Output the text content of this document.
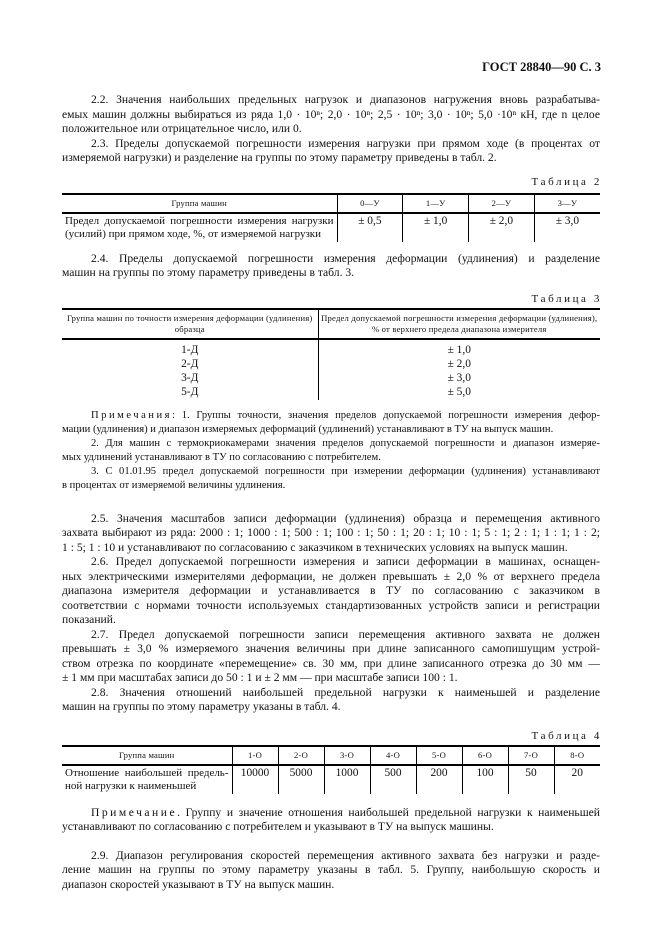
ГОСТ 28840—90 С. 3
2.2. Значения наибольших предельных нагрузок и диапазонов нагружения вновь разрабатыва-
емых машин должны выбираться из ряда 1,0 · 10ⁿ; 2,0 · 10ⁿ; 2,5 · 10ⁿ; 3,0 · 10ⁿ; 5,0 ·10ⁿ кН, где n целое
положительное или отрицательное число, или 0.
2.3. Пределы допускаемой погрешности измерения нагрузки при прямом ходе (в процентах от
измеряемой нагрузки) и разделение на группы по этому параметру приведены в табл. 2.
Таблица 2
Группа машин	0—У	1—У	2—У	3—У
Предел допускаемой погрешности измерения нагрузки (усилий) при прямом ходе, %, от измеряемой нагрузки	± 0,5	± 1,0	± 2,0	± 3,0
2.4. Пределы допускаемой погрешности измерения деформации (удлинения) и разделение
машин на группы по этому параметру приведены в табл. 3.
Таблица 3
Группа машин по точности измерения деформации (удлинения) образца	Предел допускаемой погрешности измерения деформации (удлинения), % от верхнего предела диапазона измерителя
1-Д	± 1,0
2-Д	± 2,0
3-Д	± 3,0
5-Д	± 5,0
Примечания: 1. Группы точности, значения пределов допускаемой погрешности измерения дефор-
мации (удлинения) и диапазон измеряемых деформаций (удлинений) устанавливают в ТУ на выпуск машин.
2. Для машин с термокриокамерами значения пределов допускаемой погрешности и диапазон измеряе-
мых удлинений устанавливают в ТУ по согласованию с потребителем.
3. С 01.01.95 предел допускаемой погрешности при измерении деформации (удлинения) устанавливают
в процентах от измеряемой величины удлинения.
2.5. Значения масштабов записи деформации (удлинения) образца и перемещения активного
захвата выбирают из ряда: 2000 : 1; 1000 : 1; 500 : 1; 100 : 1; 50 : 1; 20 : 1; 10 : 1; 5 : 1; 2 : 1; 1 : 1; 1 : 2;
1 : 5; 1 : 10 и устанавливают по согласованию с заказчиком в технических условиях на выпуск машин.
2.6. Предел допускаемой погрешности измерения и записи деформации в машинах, оснащен-
ных электрическими измерителями деформации, не должен превышать ± 2,0 % от верхнего предела
диапазона измерителя деформации и устанавливается в ТУ по согласованию с заказчиком в
соответствии с нормами точности используемых стандартизованных устройств записи и регистрации
показаний.
2.7. Предел допускаемой погрешности записи перемещения активного захвата не должен
превышать ± 3,0 % измеряемого значения величины при длине записанного самопишущим устрой-
ством отрезка по координате «перемещение» св. 30 мм, при длине записанного отрезка до 30 мм —
± 1 мм при масштабах записи до 50 : 1 и ± 2 мм — при масштабе записи 100 : 1.
2.8. Значения отношений наибольшей предельной нагрузки к наименьшей и разделение
машин на группы по этому параметру указаны в табл. 4.
Таблица 4
Группа машин	1-О	2-О	3-О	4-О	5-О	6-О	7-О	8-О
Отношение наибольшей предель-ной нагрузки к наименьшей	10000	5000	1000	500	200	100	50	20
Примечание. Группу и значение отношения наибольшей предельной нагрузки к наименьшей
устанавливают по согласованию с потребителем и указывают в ТУ на выпуск машины.
2.9. Диапазон регулирования скоростей перемещения активного захвата без нагрузки и разде-
ление машин на группы по этому параметру указаны в табл. 5. Группу, наибольшую скорость и
диапазон скоростей указывают в ТУ на выпуск машин.
